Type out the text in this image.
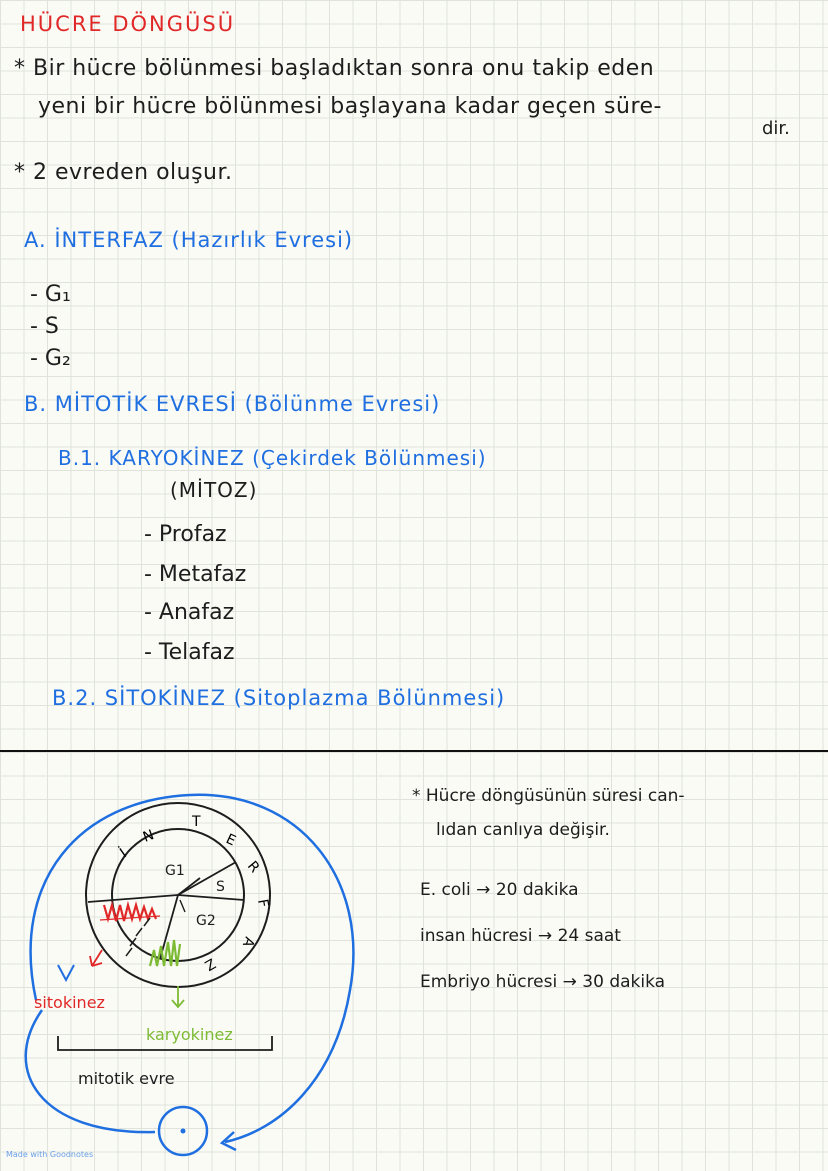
HÜCRE DÖNGÜSÜ
* Bir hücre bölünmesi başladıktan sonra onu takip eden
yeni bir hücre bölünmesi başlayana kadar geçen süre-
dir.
* 2 evreden oluşur.
A. İNTERFAZ (Hazırlık Evresi)
- G₁
- S
- G₂
B. MİTOTİK EVRESİ (Bölünme Evresi)
B.1. KARYOKİNEZ (Çekirdek Bölünmesi)
(MİTOZ)
- Profaz
- Metafaz
- Anafaz
- Telafaz
B.2. SİTOKİNEZ (Sitoplazma Bölünmesi)
G1
S
G2
İ
N
T
E
R
F
A
Z
sitokinez
karyokinez
mitotik evre
* Hücre döngüsünün süresi can-
lıdan canlıya değişir.
E. coli → 20 dakika
insan hücresi → 24 saat
Embriyo hücresi → 30 dakika
Made with Goodnotes
